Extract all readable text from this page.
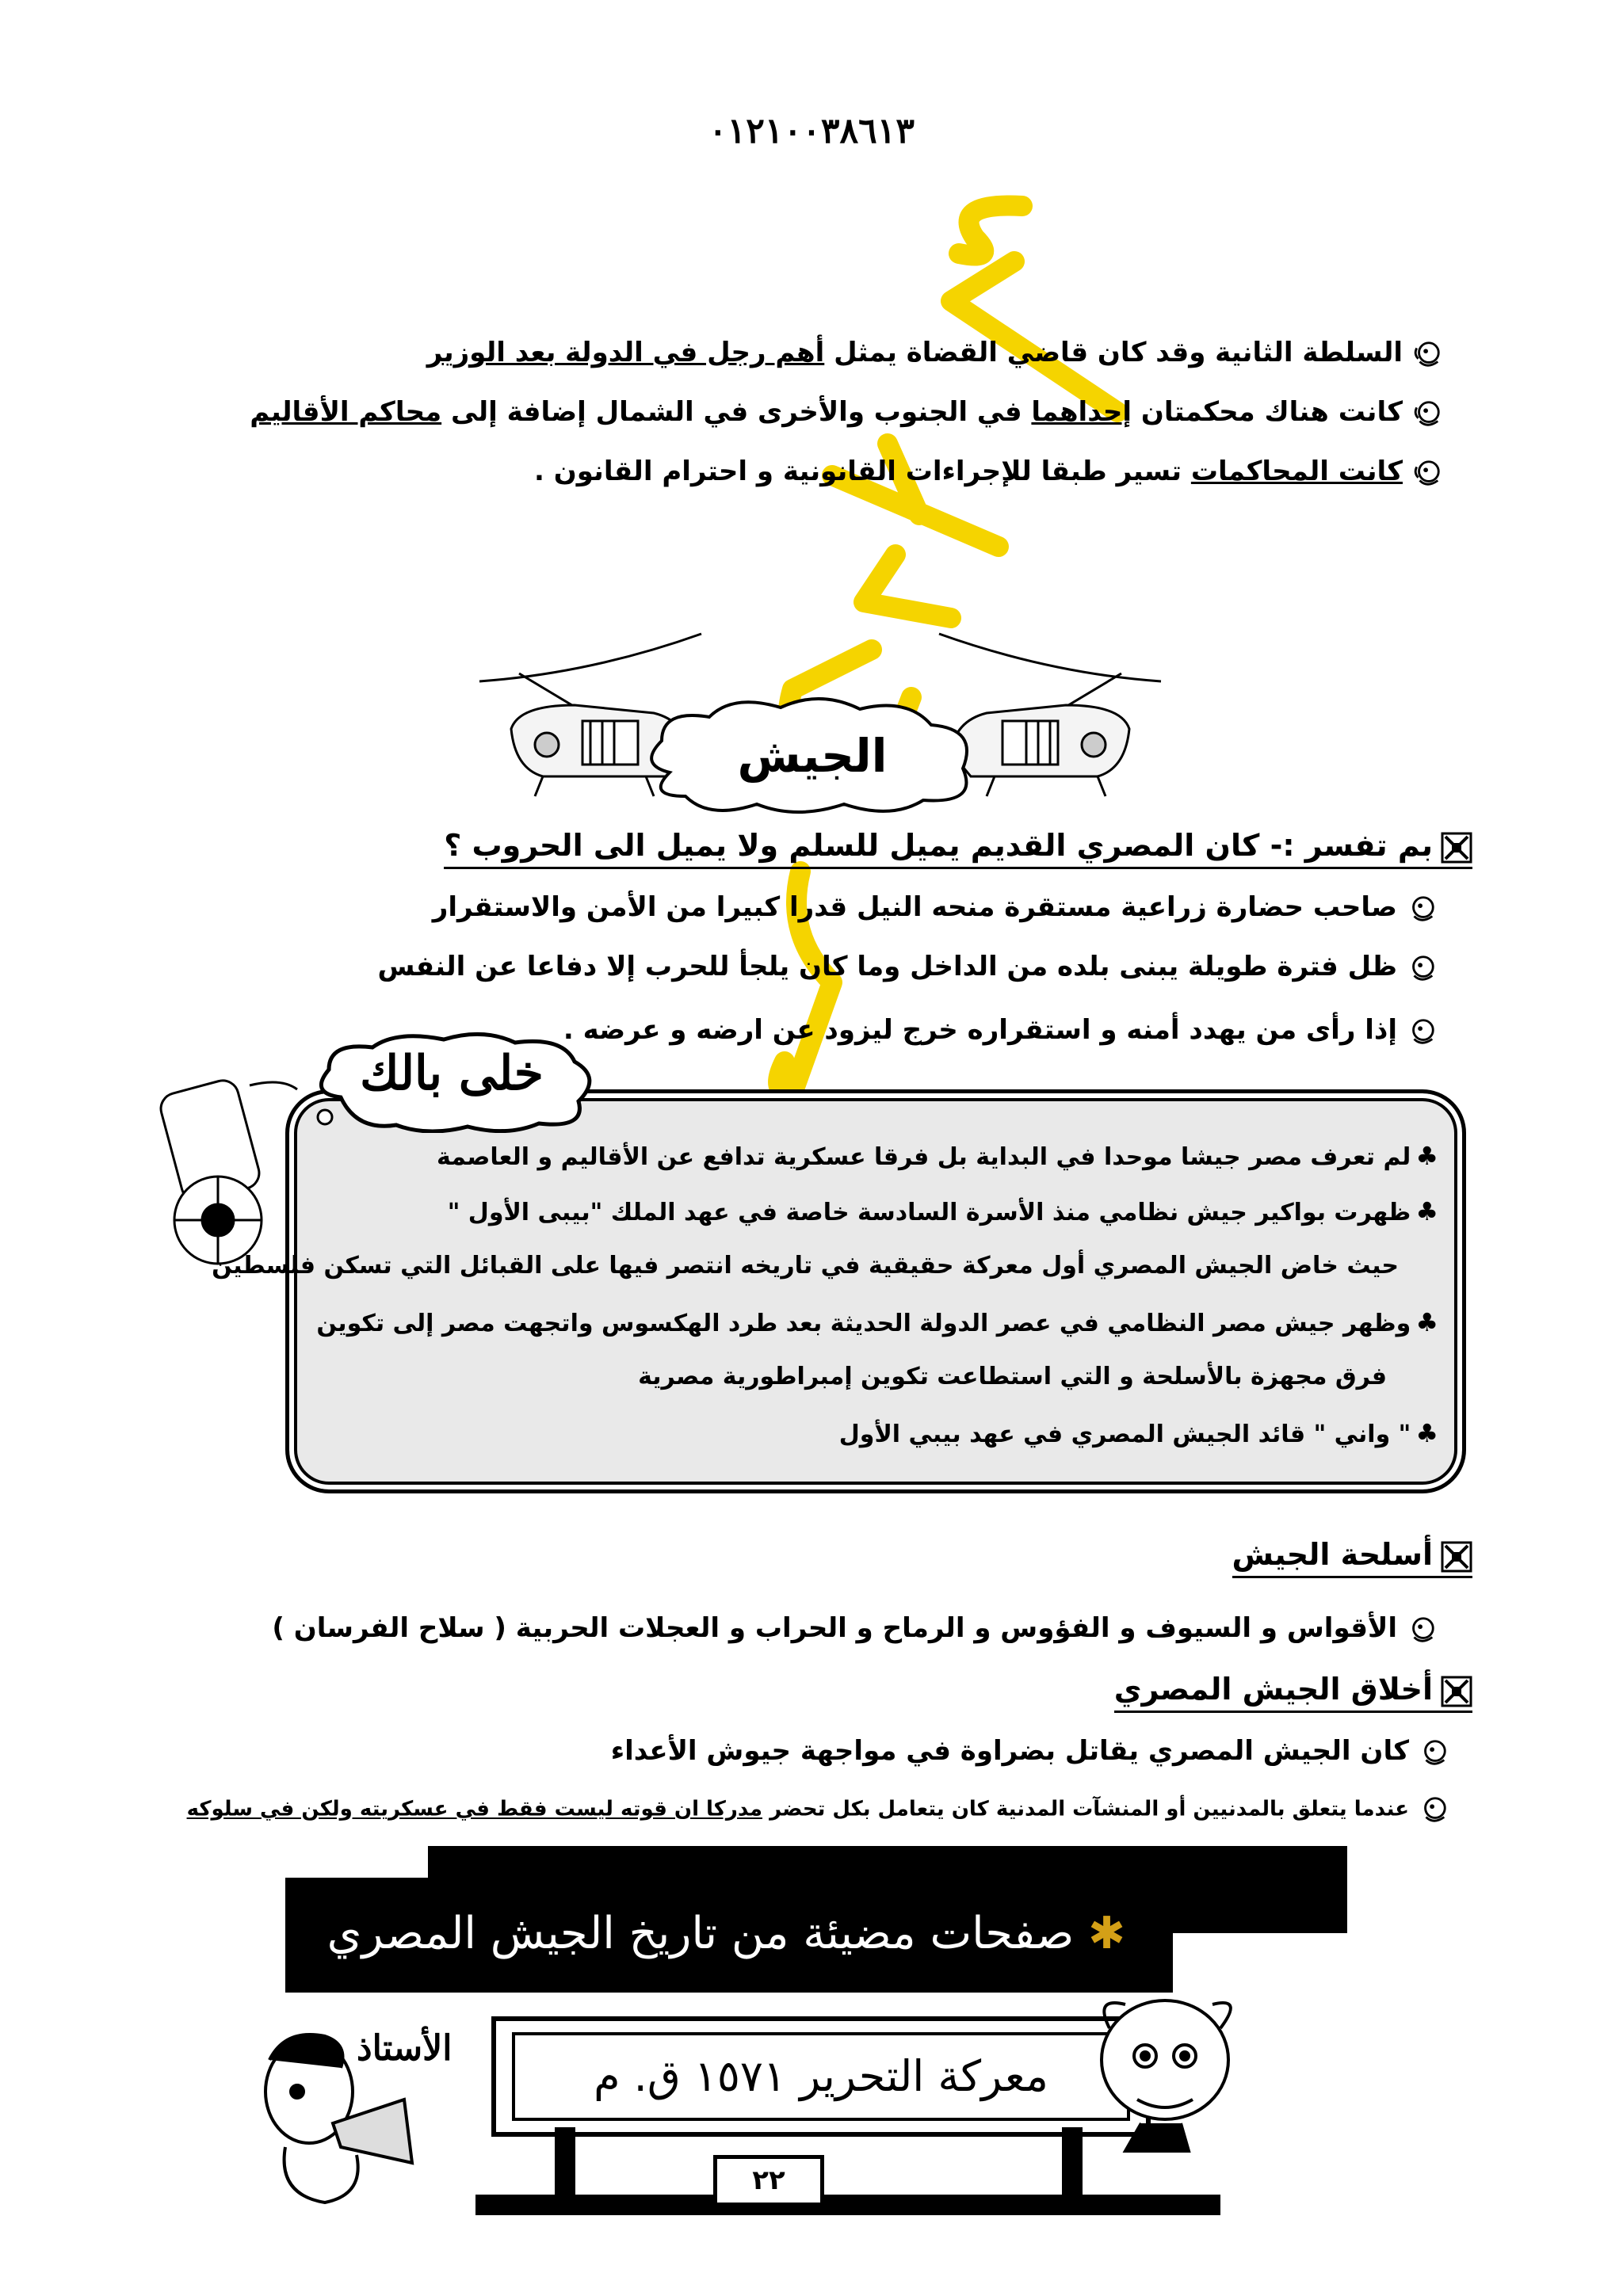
٠١٢١٠٠٣٨٦١٣
السلطة الثانية وقد كان قاضي القضاة يمثل أهم رجل في الدولة بعد الوزير
كانت هناك محكمتان إحداهما في الجنوب والأخرى في الشمال إضافة إلى محاكم الأقاليم
كانت المحاكمات تسير طبقا للإجراءات القانونية و احترام القانون .
الجيش
بم تفسر :- كان المصري القديم يميل للسلم ولا يميل الى الحروب ؟
صاحب حضارة زراعية مستقرة منحه النيل قدرا كبيرا من الأمن والاستقرار
ظل فترة طويلة يبنى بلده من الداخل وما كان يلجأ للحرب إلا دفاعا عن النفس
إذا رأى من يهدد أمنه و استقراره خرج ليزود عن ارضه و عرضه .
♣لم تعرف مصر جيشا موحدا في البداية بل فرقا عسكرية تدافع عن الأقاليم و العاصمة
♣ظهرت بواكير جيش نظامي منذ الأسرة السادسة خاصة في عهد الملك "بيبى الأول "
حيث خاض الجيش المصري أول معركة حقيقية في تاريخه انتصر فيها على القبائل التي تسكن فلسطين
♣وظهر جيش مصر النظامي في عصر الدولة الحديثة بعد طرد الهكسوس واتجهت مصر إلى تكوين
فرق مجهزة بالأسلحة و التي استطاعت تكوين إمبراطورية مصرية
♣" واني " قائد الجيش المصري في عهد بيبي الأول
خلى بالك
أسلحة الجيش
الأقواس و السيوف و الفؤوس و الرماح و الحراب و العجلات الحربية ( سلاح الفرسان )
أخلاق الجيش المصري
كان الجيش المصري يقاتل بضراوة في مواجهة جيوش الأعداء
عندما يتعلق بالمدنيين أو المنشآت المدنية كان يتعامل بكل تحضر مدركا ان قوته ليست فقط في عسكريته ولكن في سلوكه
✱ صفحات مضيئة من تاريخ الجيش المصري
معركة التحرير ١٥٧١ ق. م
٢٢
الأستاذ
